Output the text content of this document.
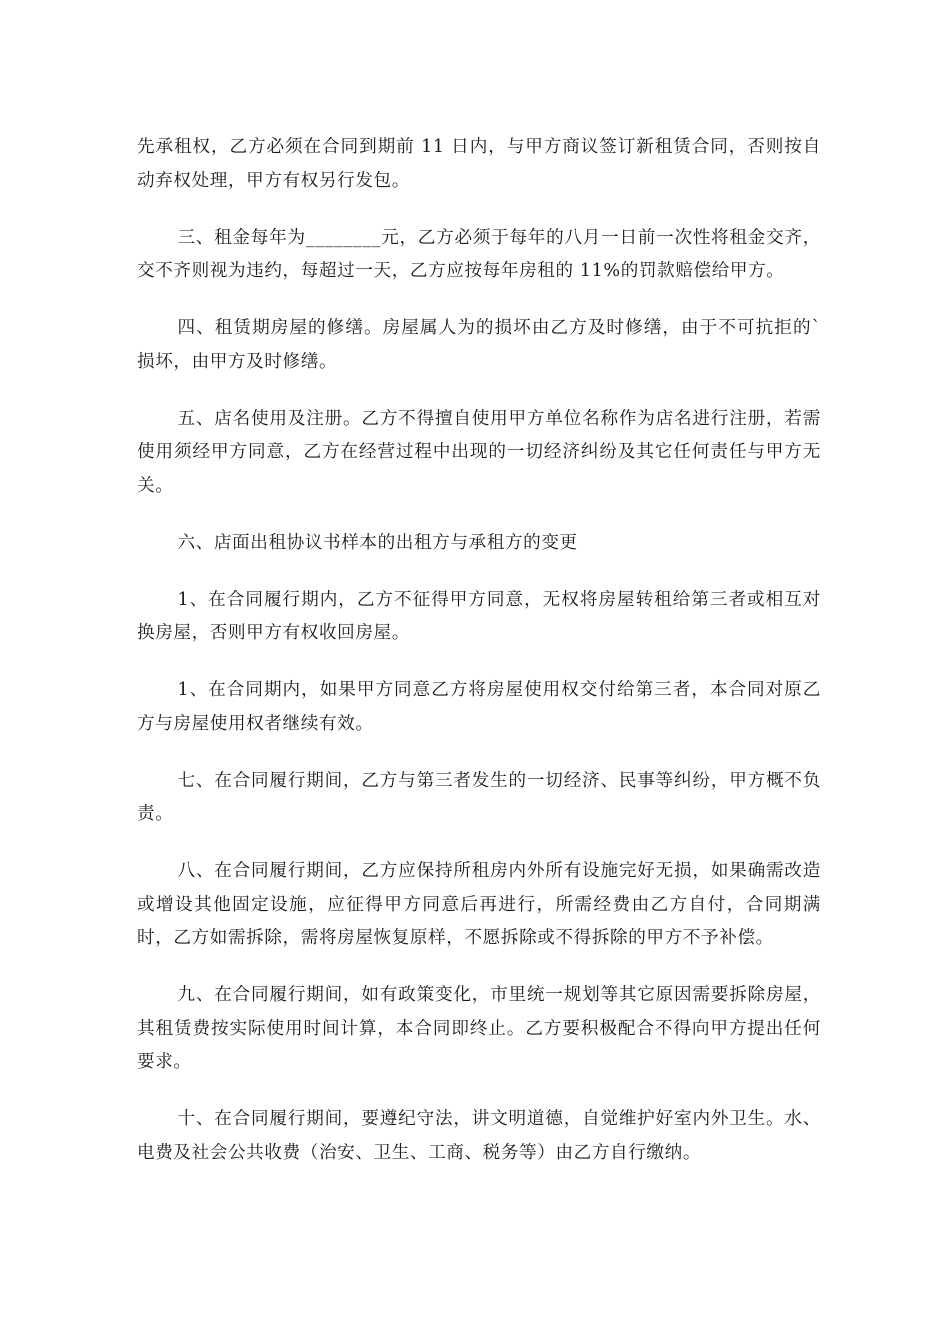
先承租权，乙方必须在合同到期前 11 日内，与甲方商议签订新租赁合同，否则按自动弃权处理，甲方有权另行发包。

三、租金每年为________元，乙方必须于每年的八月一日前一次性将租金交齐，交不齐则视为违约，每超过一天，乙方应按每年房租的 11%的罚款赔偿给甲方。

四、租赁期房屋的修缮。房屋属人为的损坏由乙方及时修缮，由于不可抗拒的`损坏，由甲方及时修缮。

五、店名使用及注册。乙方不得擅自使用甲方单位名称作为店名进行注册，若需使用须经甲方同意，乙方在经营过程中出现的一切经济纠纷及其它任何责任与甲方无关。

六、店面出租协议书样本的出租方与承租方的变更

1、在合同履行期内，乙方不征得甲方同意，无权将房屋转租给第三者或相互对换房屋，否则甲方有权收回房屋。

1、在合同期内，如果甲方同意乙方将房屋使用权交付给第三者，本合同对原乙方与房屋使用权者继续有效。

七、在合同履行期间，乙方与第三者发生的一切经济、民事等纠纷，甲方概不负责。

八、在合同履行期间，乙方应保持所租房内外所有设施完好无损，如果确需改造或增设其他固定设施，应征得甲方同意后再进行，所需经费由乙方自付，合同期满时，乙方如需拆除，需将房屋恢复原样，不愿拆除或不得拆除的甲方不予补偿。

九、在合同履行期间，如有政策变化，市里统一规划等其它原因需要拆除房屋，其租赁费按实际使用时间计算，本合同即终止。乙方要积极配合不得向甲方提出任何要求。

十、在合同履行期间，要遵纪守法，讲文明道德，自觉维护好室内外卫生。水、电费及社会公共收费（治安、卫生、工商、税务等）由乙方自行缴纳。
